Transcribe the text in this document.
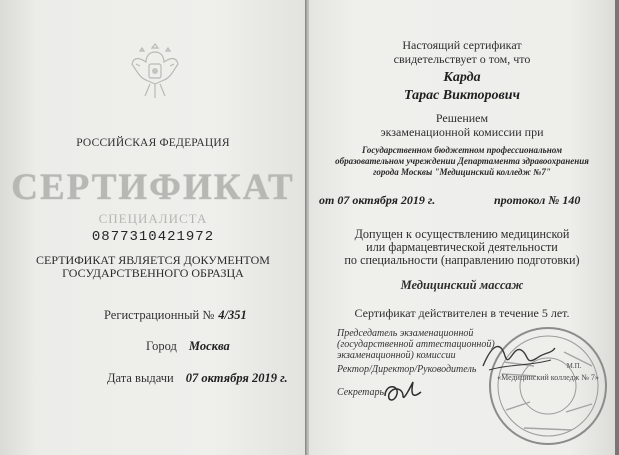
РОССИЙСКАЯ ФЕДЕРАЦИЯ
СЕРТИФИКАТ
СПЕЦИАЛИСТА
0877310421972
СЕРТИФИКАТ ЯВЛЯЕТСЯ ДОКУМЕНТОМ
ГОСУДАРСТВЕННОГО ОБРАЗЦА
Регистрационный № 4/351
Город Москва
Дата выдачи 07 октября 2019 г.
Настоящий сертификат
свидетельствует о том, что
Карда
Тарас Викторович
Решением
экзаменационной комиссии при
Государственном бюджетном профессиональном
образовательном учреждении Департамента здравоохранения
города Москвы "Медицинский колледж №7"
от 07 октября 2019 г.	протокол № 140
Допущен к осуществлению медицинской
или фармацевтической деятельности
по специальности (направлению подготовки)
Медицинский массаж
Сертификат действителен в течение 5 лет.
Председатель экзаменационной
(государственной аттестационной)
экзаменационной) комиссии
Ректор/Директор/Руководитель
Секретарь
«Медицинский колледж № 7»
М.П.
